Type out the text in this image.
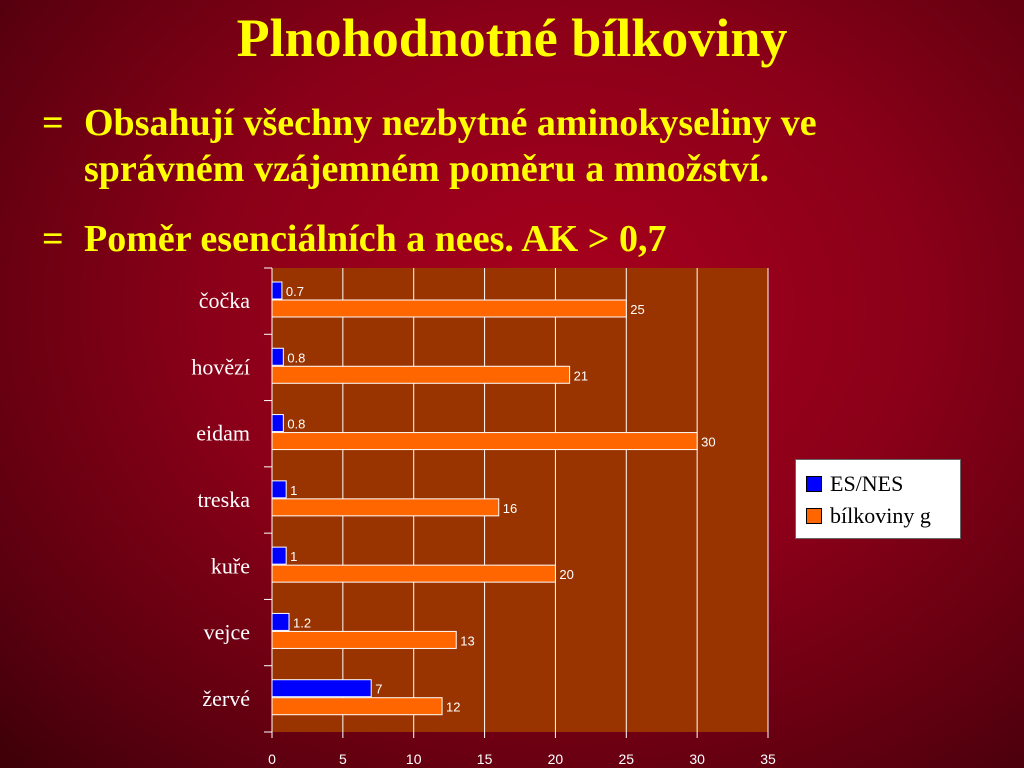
Plnohodnotné bílkoviny
= Obsahují všechny nezbytné aminokyseliny ve správném vzájemném poměru a množství.
= Poměr esenciálních a nees. AK > 0,7
0	5	10	15	20	25	30	35
čočka	0.7
25
hovězí	0.8
21
eidam	0.8
30
treska	1
16
kuře	1
20
vejce	1.2
13
žervé	7
12
ES/NES
bílkoviny g
